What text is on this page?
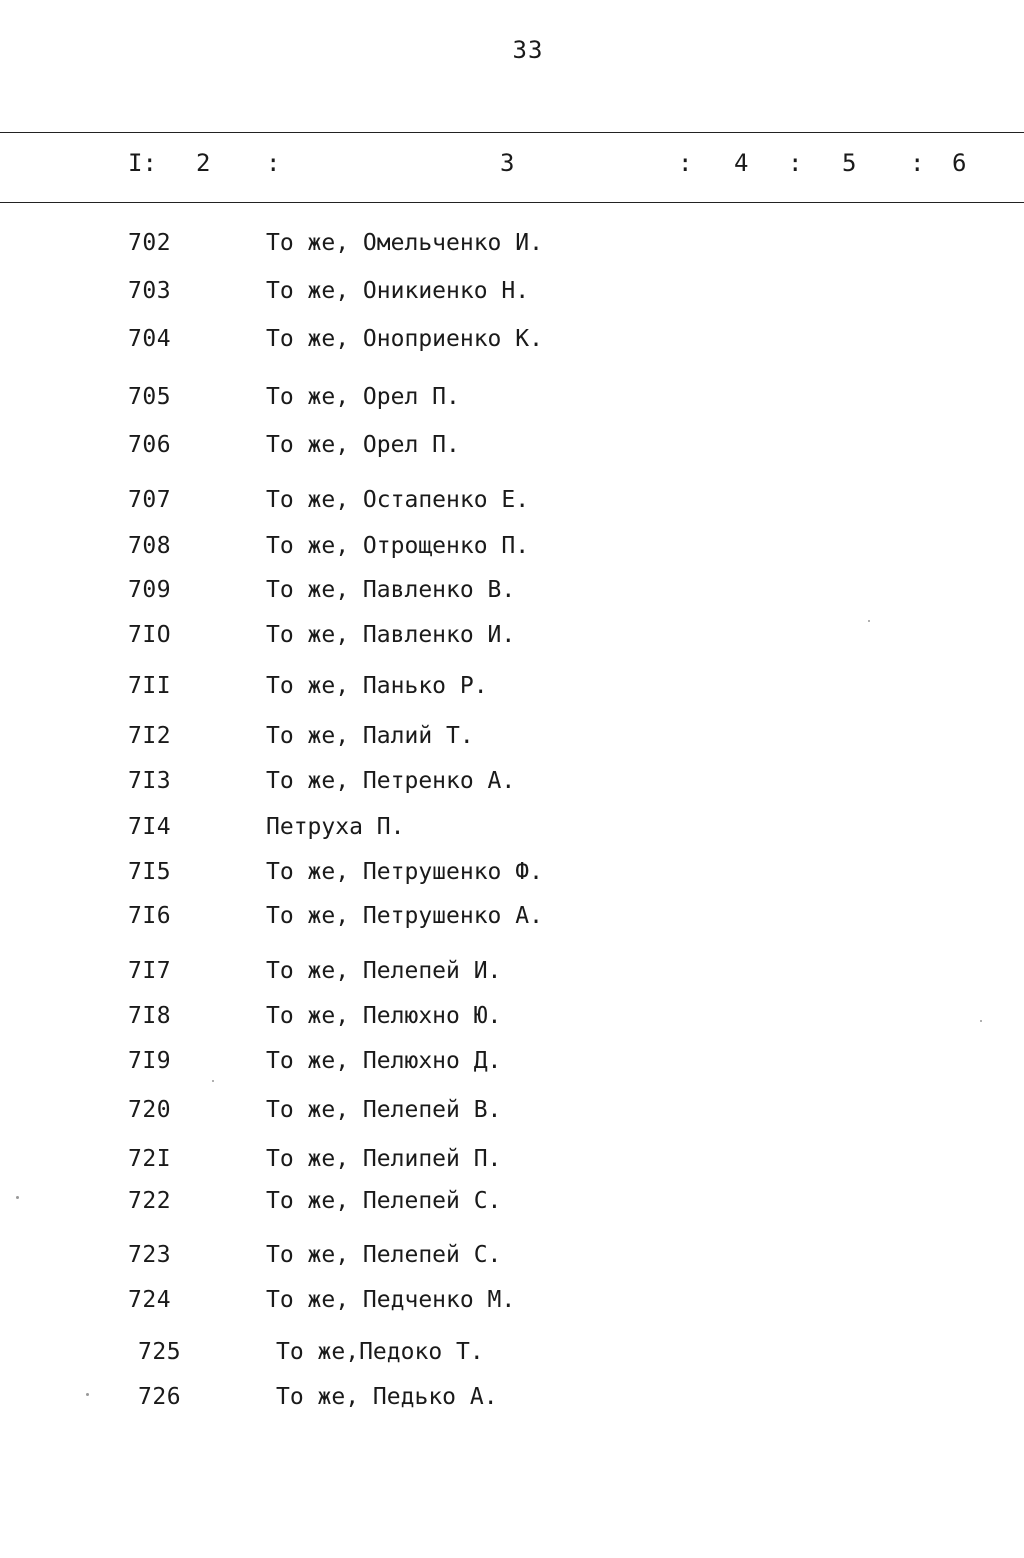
33
I: 2 :	3	: 4 : 5 : 6
702	То же, Омельченко И.
703	То же, Оникиенко Н.
704	То же, Оноприенко К.
705	То же, Орел П.
706	То же, Орел П.
707	То же, Остапенко Е.
708	То же, Отрощенко П.
709	То же, Павленко В.
7IO	То же, Павленко И.
7II	То же, Панько Р.
7I2	То же, Палий Т.
7I3	То же, Петренко А.
7I4	Петруха П.
7I5	То же, Петрушенко Ф.
7I6	То же, Петрушенко А.
7I7	То же, Пелепей И.
7I8	То же, Пелюхно Ю.
7I9	То же, Пелюхно Д.
720	То же, Пелепей В.
72I	То же, Пелипей П.
722	То же, Пелепей С.
723	То же, Пелепей С.
724	То же, Педченко М.
725	То же,Педоко Т.
726	То же, Педько А.
